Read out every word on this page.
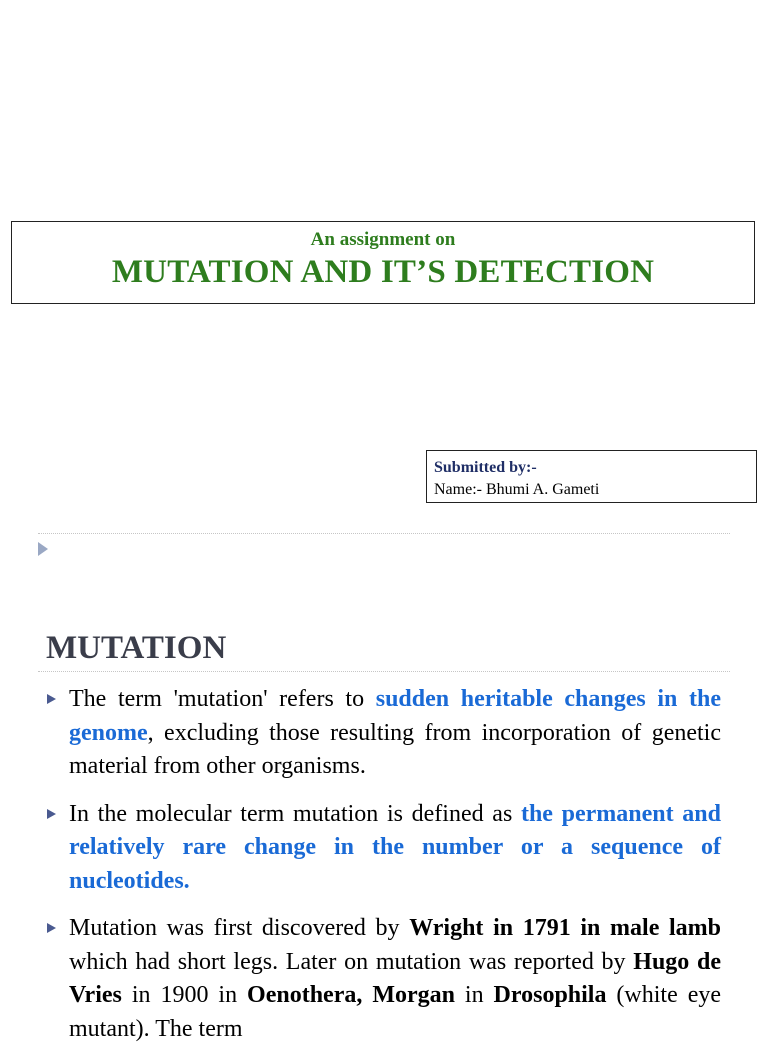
An assignment on
MUTATION AND IT’S DETECTION
Submitted by:-
Name:- Bhumi A. Gameti
MUTATION
The term 'mutation' refers to sudden heritable changes in the genome, excluding those resulting from incorporation of genetic material from other organisms.
In the molecular term mutation is defined as the permanent and relatively rare change in the number or a sequence of nucleotides.
Mutation was first discovered by Wright in 1791 in male lamb which had short legs. Later on mutation was reported by Hugo de Vries in 1900 in Oenothera, Morgan in Drosophila (white eye mutant). The term
